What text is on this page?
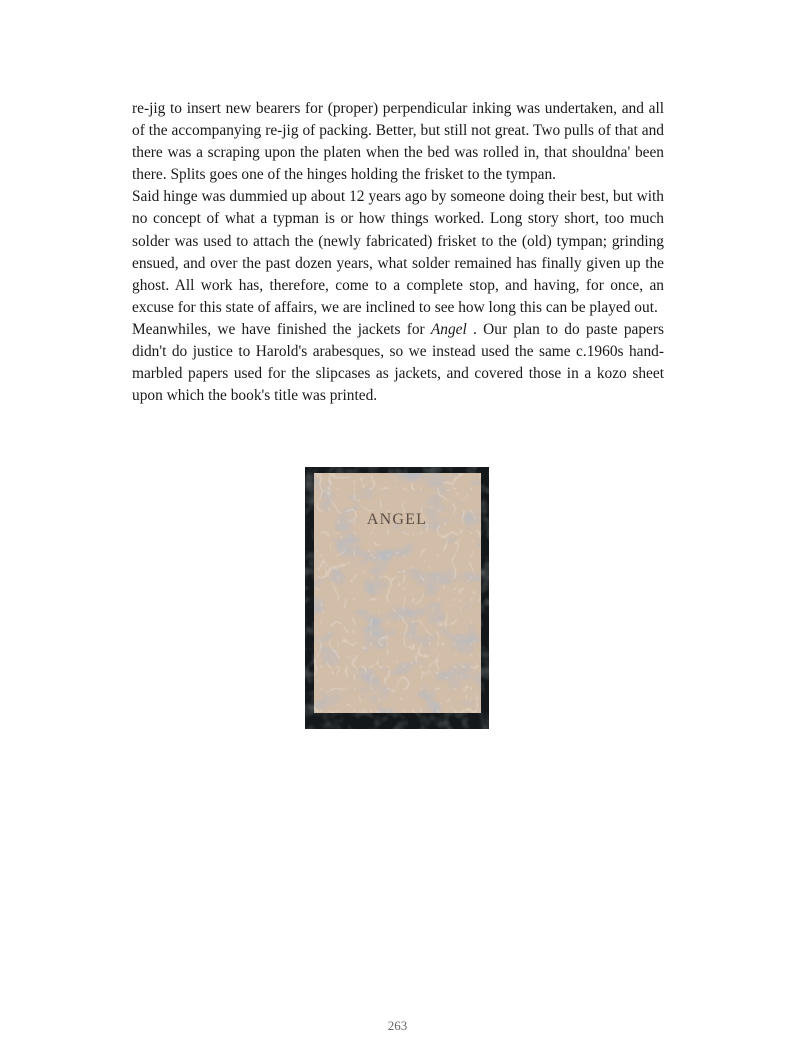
re-jig to insert new bearers for (proper) perpendicular inking was undertaken, and all of the accompanying re-jig of packing. Better, but still not great. Two pulls of that and there was a scraping upon the platen when the bed was rolled in, that shouldna' been there. Splits goes one of the hinges holding the frisket to the tympan.

Said hinge was dummied up about 12 years ago by someone doing their best, but with no concept of what a typman is or how things worked. Long story short, too much solder was used to attach the (newly fabricated) frisket to the (old) tympan; grinding ensued, and over the past dozen years, what solder remained has finally given up the ghost. All work has, therefore, come to a complete stop, and having, for once, an excuse for this state of affairs, we are inclined to see how long this can be played out.

Meanwhiles, we have finished the jackets for Angel . Our plan to do paste papers didn't do justice to Harold's arabesques, so we instead used the same c.1960s hand-marbled papers used for the slipcases as jackets, and covered those in a kozo sheet upon which the book's title was printed.

ANGEL
263
